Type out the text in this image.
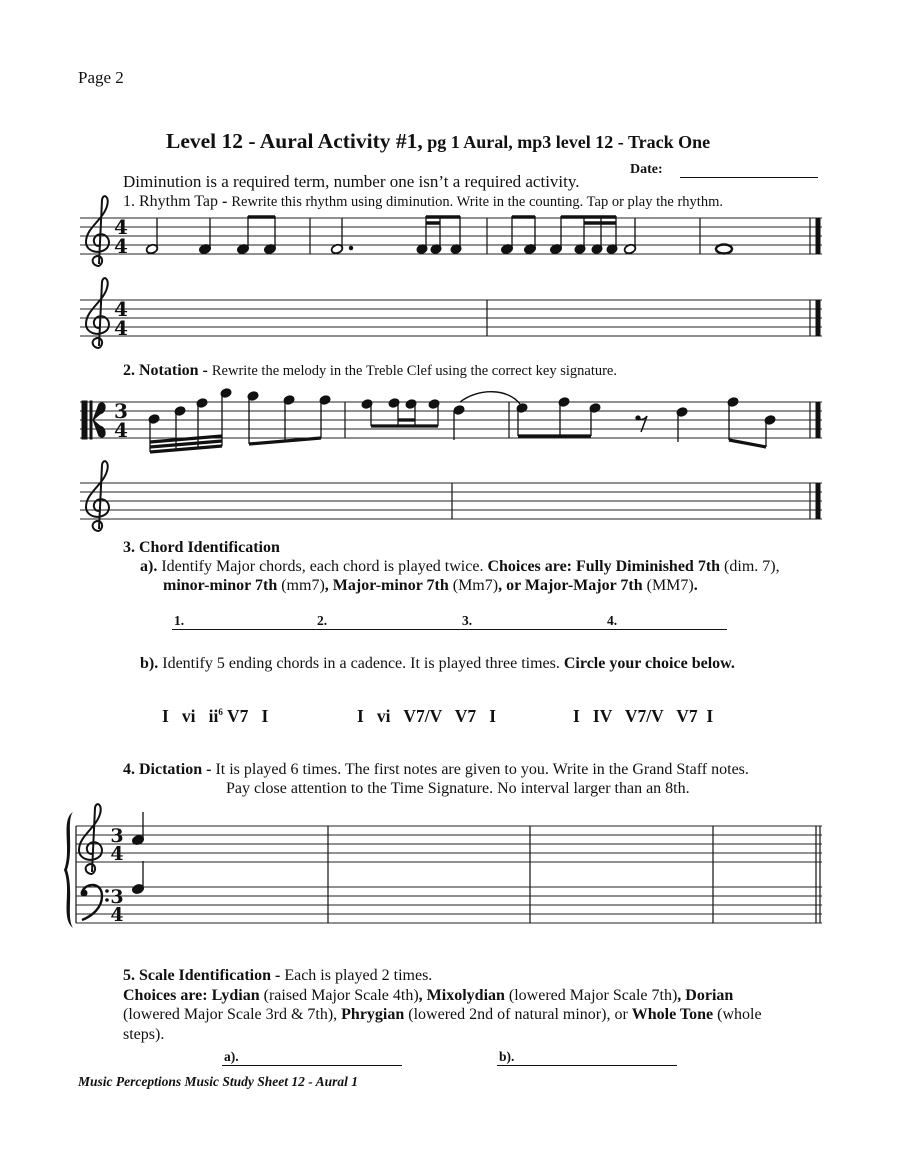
Page 2
Level 12 - Aural Activity #1, pg 1 Aural, mp3 level 12 - Track One
Date:
Diminution is a required term, number one isn’t a required activity.
1. Rhythm Tap - Rewrite this rhythm using diminution. Write in the counting. Tap or play the rhythm.
4
4
4
4
2. Notation - Rewrite the melody in the Treble Clef using the correct key signature.
3
4
3. Chord Identification
a). Identify Major chords, each chord is played twice. Choices are: Fully Diminished 7th (dim. 7),
minor-minor 7th (mm7), Major-minor 7th (Mm7), or Major-Major 7th (MM7).
1.	2.	3.	4.
b). Identify 5 ending chords in a cadence. It is played three times. Circle your choice below.
I   vi   $ii^6$ V7   I	I   vi   V7/V   V7   I	I   IV   V7/V   V7  I
4. Dictation - It is played 6 times. The first notes are given to you. Write in the Grand Staff notes.
Pay close attention to the Time Signature. No interval larger than an 8th.
3
4
3
4
5. Scale Identification - Each is played 2 times.
Choices are: Lydian (raised Major Scale 4th), Mixolydian (lowered Major Scale 7th), Dorian
(lowered Major Scale 3rd & 7th), Phrygian (lowered 2nd of natural minor), or Whole Tone (whole
steps).
a).	b).
Music Perceptions Music Study Sheet 12 - Aural 1
